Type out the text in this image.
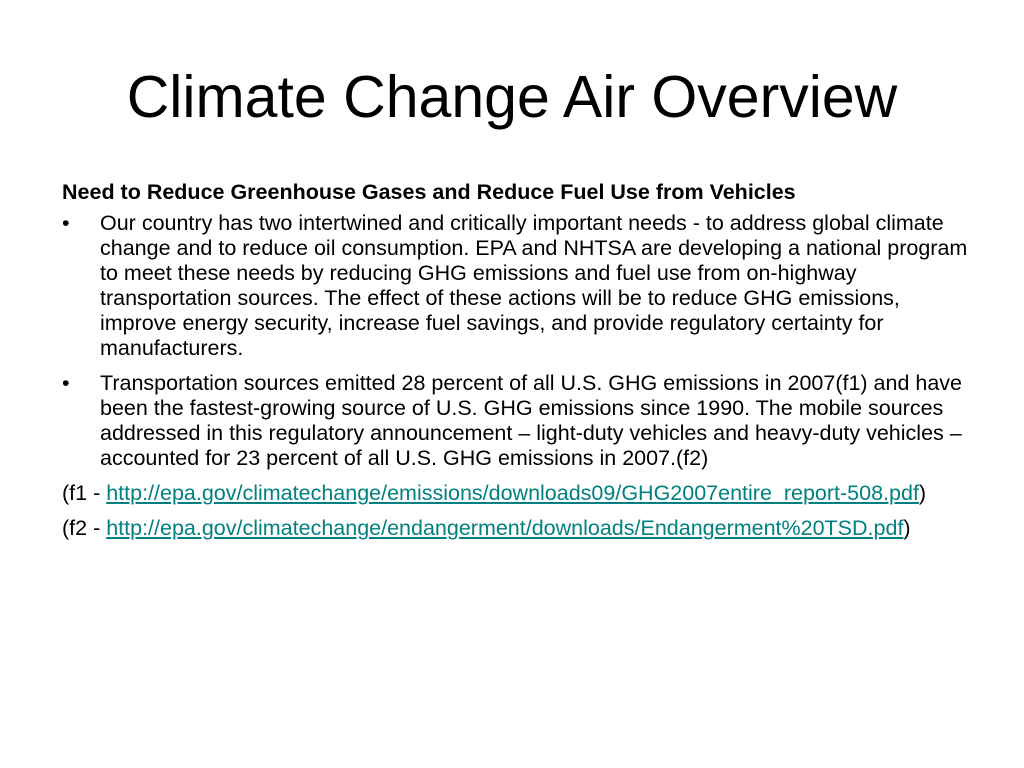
Climate Change Air Overview

Need to Reduce Greenhouse Gases and Reduce Fuel Use from Vehicles

• Our country has two intertwined and critically important needs - to address global climate change and to reduce oil consumption. EPA and NHTSA are developing a national program to meet these needs by reducing GHG emissions and fuel use from on-highway transportation sources. The effect of these actions will be to reduce GHG emissions, improve energy security, increase fuel savings, and provide regulatory certainty for manufacturers.
• Transportation sources emitted 28 percent of all U.S. GHG emissions in 2007(f1) and have been the fastest-growing source of U.S. GHG emissions since 1990. The mobile sources addressed in this regulatory announcement – light-duty vehicles and heavy-duty vehicles – accounted for 23 percent of all U.S. GHG emissions in 2007.(f2)

(f1 - http://epa.gov/climatechange/emissions/downloads09/GHG2007entire_report-508.pdf)

(f2 - http://epa.gov/climatechange/endangerment/downloads/Endangerment%20TSD.pdf)
